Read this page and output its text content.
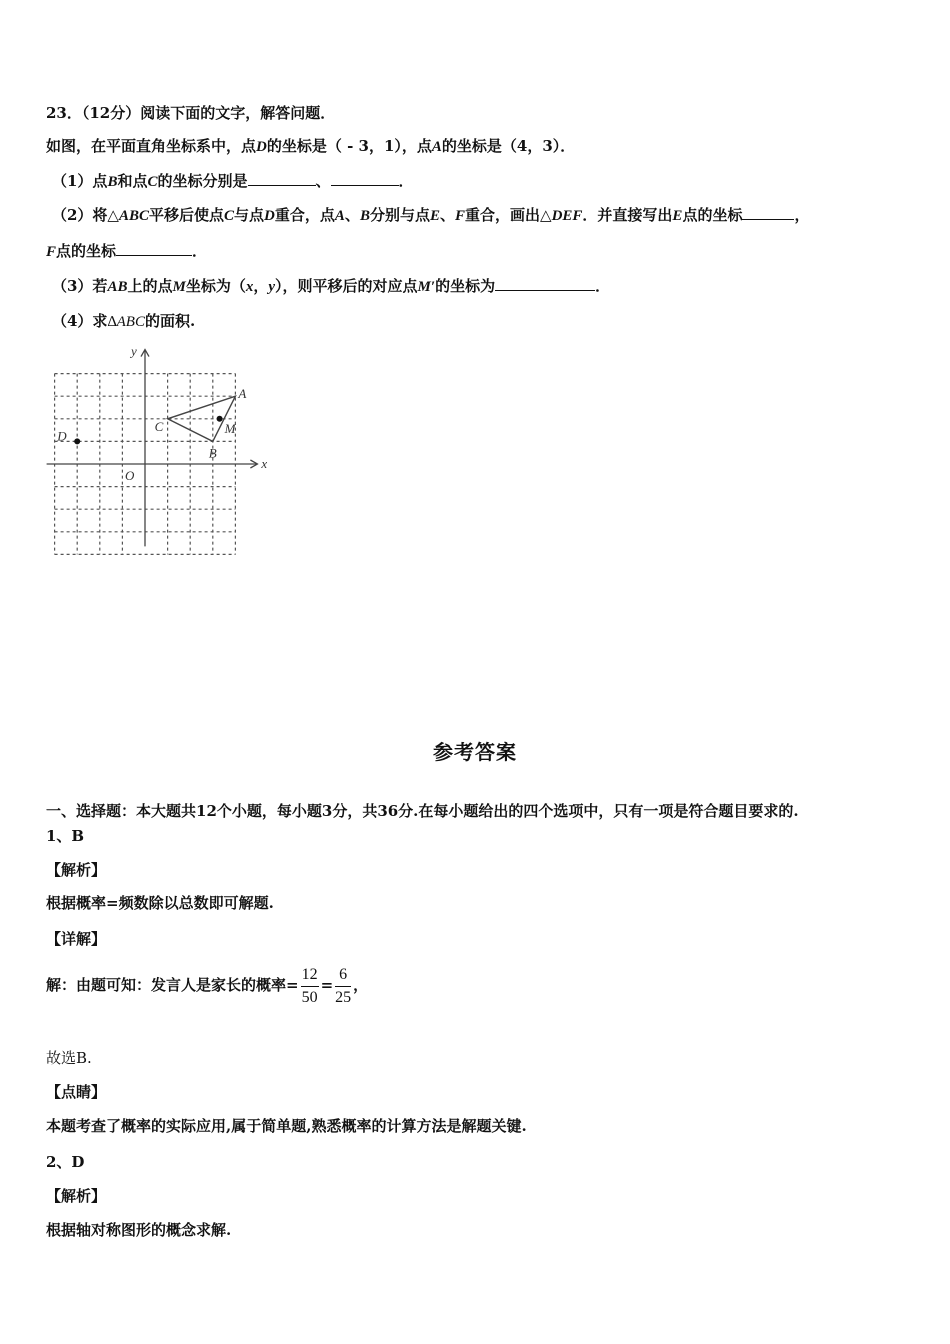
23．（12分）阅读下面的文字，解答问题．
如图，在平面直角坐标系中，点D的坐标是（ - 3，1），点A的坐标是（4，3）．
（1）点B和点C的坐标分别是	、	．
（2）将△ABC平移后使点C与点D重合，点A、B分别与点E、F重合，画出△DEF．并直接写出E点的坐标	，
F点的坐标	．
（3）若AB上的点M坐标为（x，y），则平移后的对应点M′的坐标为	．
（4）求∆ABC的面积.
x
y
O
A
B
C
D
M
参考答案
一、选择题：本大题共12个小题，每小题3分，共36分.在每小题给出的四个选项中，只有一项是符合题目要求的.
1、B
【解析】
根据概率=频数除以总数即可解题.
【详解】
解：由题可知：发言人是家长的概率= $\frac{12}{50} = \frac{6}{25}$ ，
故选B.
【点睛】
本题考查了概率的实际应用,属于简单题,熟悉概率的计算方法是解题关键.
2、D
【解析】
根据轴对称图形的概念求解.
